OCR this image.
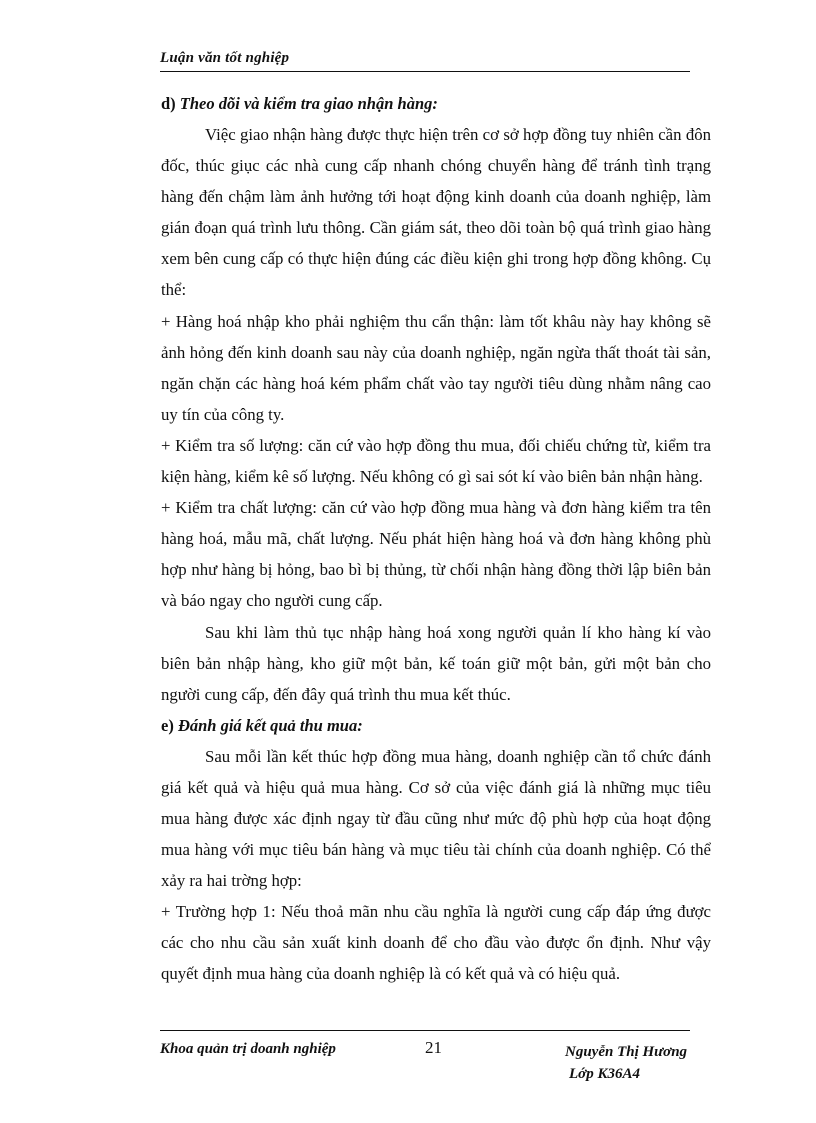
Luận văn tốt nghiệp

d) Theo dõi và kiểm tra giao nhận hàng:

Việc giao nhận hàng được thực hiện trên cơ sở hợp đồng tuy nhiên cần đôn đốc, thúc giục các nhà cung cấp nhanh chóng chuyển hàng để tránh tình trạng hàng đến chậm làm ảnh hưởng tới hoạt động kinh doanh của doanh nghiệp, làm gián đoạn quá trình lưu thông. Cần giám sát, theo dõi toàn bộ quá trình giao hàng xem bên cung cấp có thực hiện đúng các điều kiện ghi trong hợp đồng không. Cụ thể:

+ Hàng hoá nhập kho phải nghiệm thu cẩn thận: làm tốt khâu này hay không sẽ ảnh hỏng đến kinh doanh sau này của doanh nghiệp, ngăn ngừa thất thoát tài sản, ngăn chặn các hàng hoá kém phẩm chất vào tay người tiêu dùng nhằm nâng cao uy tín của công ty.

+ Kiểm tra số lượng: căn cứ vào hợp đồng thu mua, đối chiếu chứng từ, kiểm tra kiện hàng, kiểm kê số lượng. Nếu không có gì sai sót kí vào biên bản nhận hàng.

+ Kiểm tra chất lượng: căn cứ vào hợp đồng mua hàng và đơn hàng kiểm tra tên hàng hoá, mẫu mã, chất lượng. Nếu phát hiện hàng hoá và đơn hàng không phù hợp như hàng bị hỏng, bao bì bị thủng, từ chối nhận hàng đồng thời lập biên bản và báo ngay cho người cung cấp.

Sau khi làm thủ tục nhập hàng hoá xong người quản lí kho hàng kí vào biên bản nhập hàng, kho giữ một bản, kế toán giữ một bản, gửi một bản cho người cung cấp, đến đây quá trình thu mua kết thúc.

e) Đánh giá kết quả thu mua:

Sau mỗi lần kết thúc hợp đồng mua hàng, doanh nghiệp cần tổ chức đánh giá kết quả và hiệu quả mua hàng. Cơ sở của việc đánh giá là những mục tiêu mua hàng được xác định ngay từ đầu cũng như mức độ phù hợp của hoạt động mua hàng với mục tiêu bán hàng và mục tiêu tài chính của doanh nghiệp. Có thể xảy ra hai trờng hợp:

+ Trường hợp 1: Nếu thoả mãn nhu cầu nghĩa là người cung cấp đáp ứng được các cho nhu cầu sản xuất kinh doanh để cho đầu vào được ổn định. Như vậy quyết định mua hàng của doanh nghiệp là có kết quả và có hiệu quả.

Khoa quản trị doanh nghiệp	21	Nguyễn Thị Hương
Lớp K36A4
